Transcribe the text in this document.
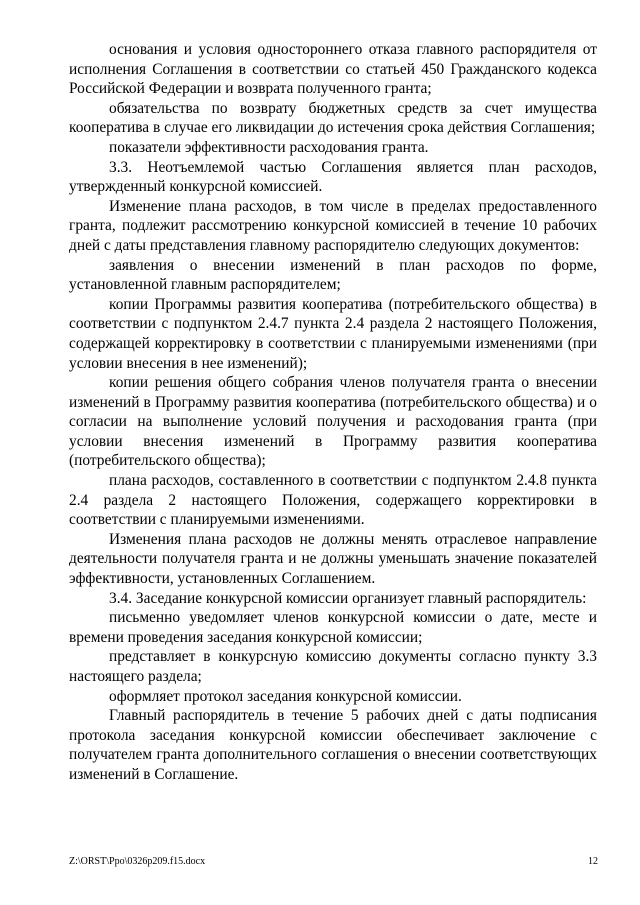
основания и условия одностороннего отказа главного распорядителя от исполнения Соглашения в соответствии со статьей 450 Гражданского кодекса Российской Федерации и возврата полученного гранта;

обязательства по возврату бюджетных средств за счет имущества кооператива в случае его ликвидации до истечения срока действия Соглашения;

показатели эффективности расходования гранта.

3.3. Неотъемлемой частью Соглашения является план расходов, утвержденный конкурсной комиссией.

Изменение плана расходов, в том числе в пределах предоставленного гранта, подлежит рассмотрению конкурсной комиссией в течение 10 рабочих дней с даты представления главному распорядителю следующих документов:

заявления о внесении изменений в план расходов по форме, установленной главным распорядителем;

копии Программы развития кооператива (потребительского общества) в соответствии с подпунктом 2.4.7 пункта 2.4 раздела 2 настоящего Положения, содержащей корректировку в соответствии с планируемыми изменениями (при условии внесения в нее изменений);

копии решения общего собрания членов получателя гранта о внесении изменений в Программу развития кооператива (потребительского общества) и о согласии на выполнение условий получения и расходования гранта (при условии внесения изменений в Программу развития кооператива (потребительского общества);

плана расходов, составленного в соответствии с подпунктом 2.4.8 пункта 2.4 раздела 2 настоящего Положения, содержащего корректировки в соответствии с планируемыми изменениями.

Изменения плана расходов не должны менять отраслевое направление деятельности получателя гранта и не должны уменьшать значение показателей эффективности, установленных Соглашением.

3.4. Заседание конкурсной комиссии организует главный распорядитель:

письменно уведомляет членов конкурсной комиссии о дате, месте и времени проведения заседания конкурсной комиссии;

представляет в конкурсную комиссию документы согласно пункту 3.3 настоящего раздела;

оформляет протокол заседания конкурсной комиссии.

Главный распорядитель в течение 5 рабочих дней с даты подписания протокола заседания конкурсной комиссии обеспечивает заключение с получателем гранта дополнительного соглашения о внесении соответствующих изменений в Соглашение.

Z:\ORST\Ppo\0326p209.f15.docx	12
